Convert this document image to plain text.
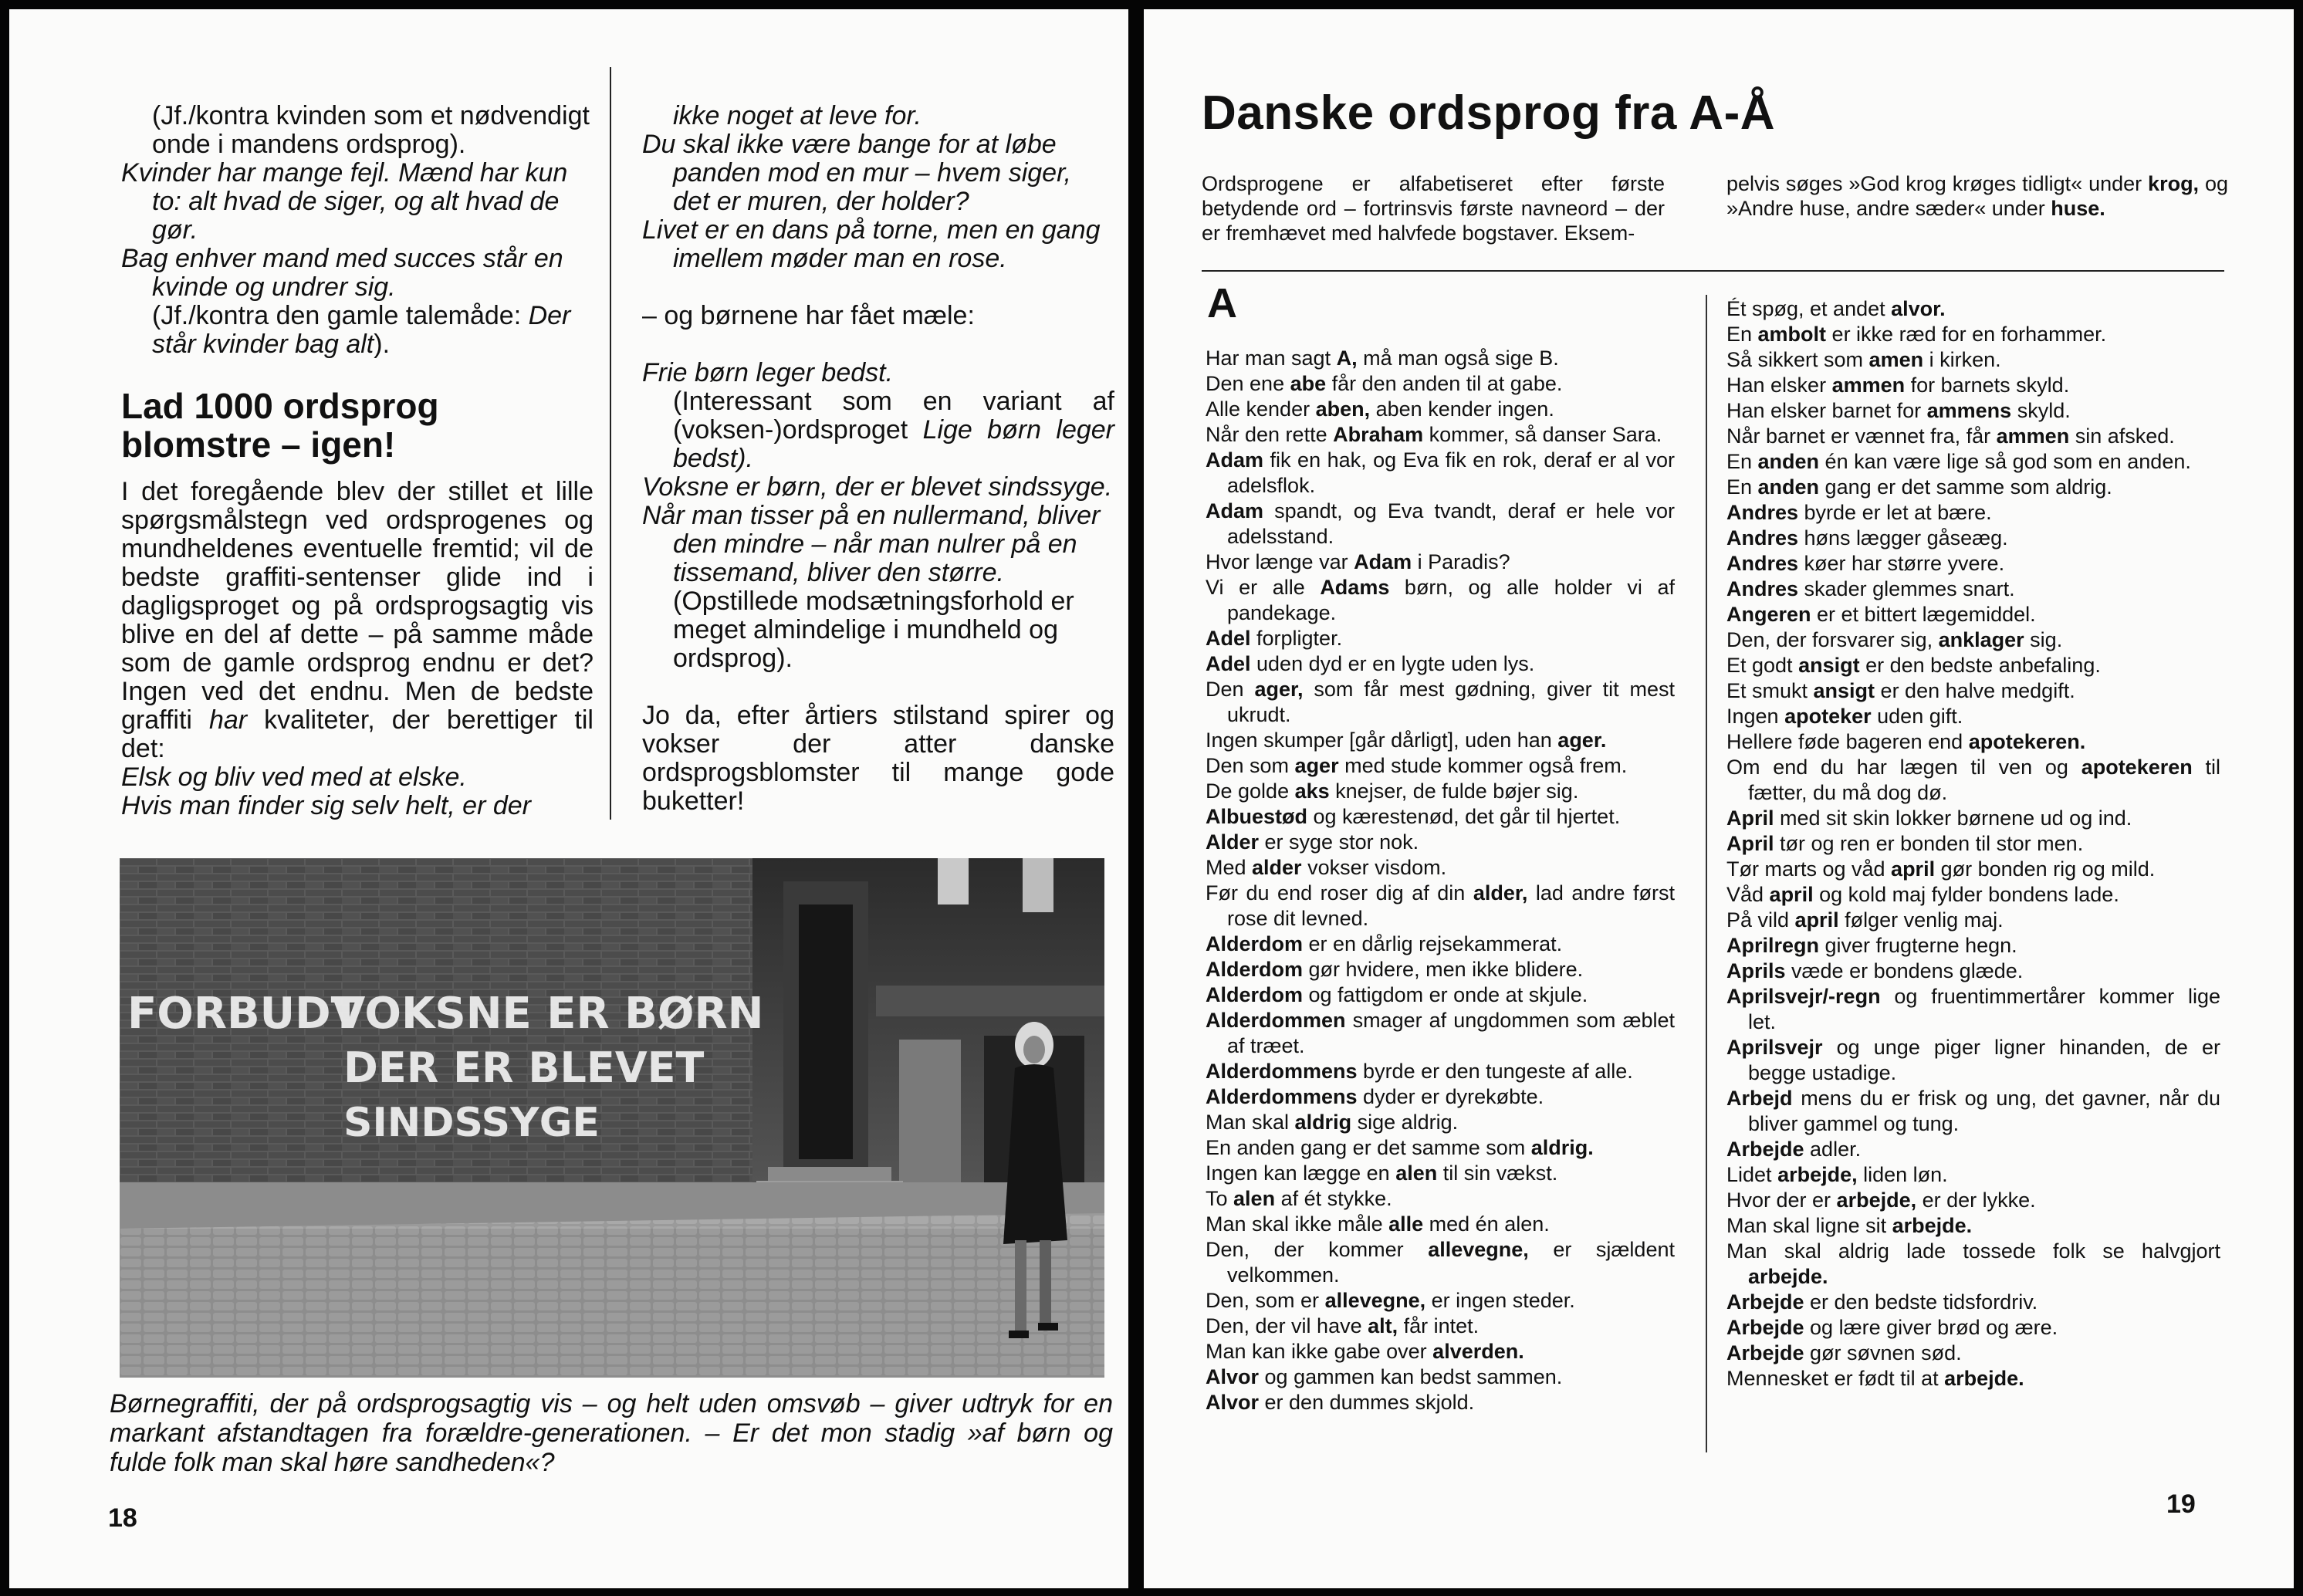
(Jf./kontra kvinden som et nødvendigt onde i mandens ordsprog).

Kvinder har mange fejl. Mænd har kun to: alt hvad de siger, og alt hvad de gør.

Bag enhver mand med succes står en kvinde og undrer sig.

(Jf./kontra den gamle talemåde: Der står kvinder bag alt).

Lad 1000 ordsprog blomstre – igen!

I det foregående blev der stillet et lille spørgsmålstegn ved ordsprogenes og mundheldenes eventuelle fremtid; vil de bedste graffiti-sentenser glide ind i dagligsproget og på ordsprogsagtig vis blive en del af dette – på samme måde som de gamle ordsprog endnu er det? Ingen ved det endnu. Men de bedste graffiti har kvaliteter, der berettiger til det:

Elsk og bliv ved med at elske.

Hvis man finder sig selv helt, er der

ikke noget at leve for.

Du skal ikke være bange for at løbe panden mod en mur – hvem siger, det er muren, der holder?

Livet er en dans på torne, men en gang imellem møder man en rose.

– og børnene har fået mæle:

Frie børn leger bedst.

(Interessant som en variant af (voksen-)ordsproget Lige børn leger bedst).

Voksne er børn, der er blevet sindssyge.

Når man tisser på en nullermand, bliver den mindre – når man nulrer på en tissemand, bliver den større.

(Opstillede modsætningsforhold er meget almindelige i mundheld og ordsprog).

Jo da, efter årtiers stilstand spirer og vokser der atter danske ordsprogsblomster til mange gode buketter!

FORBUDT
VOKSNE ER BØRN
DER ER BLEVET
SINDSSYGE

Børnegraffiti, der på ordsprogsagtig vis – og helt uden omsvøb – giver udtryk for en markant afstandtagen fra forældre-generationen. – Er det mon stadig »af børn og fulde folk man skal høre sandheden«?

18
Danske ordsprog fra A-Å

Ordsprogene er alfabetiseret efter første betydende ord – fortrinsvis første navneord – der er fremhævet med halvfede bogstaver. Eksem-

pelvis søges »God krog krøges tidligt« under krog, og »Andre huse, andre sæder« under huse.

A
Har man sagt A, må man også sige B.
Den ene abe får den anden til at gabe.
Alle kender aben, aben kender ingen.
Når den rette Abraham kommer, så danser Sara.
Adam fik en hak, og Eva fik en rok, deraf er al vor adelsflok.
Adam spandt, og Eva tvandt, deraf er hele vor adelsstand.
Hvor længe var Adam i Paradis?
Vi er alle Adams børn, og alle holder vi af pandekage.
Adel forpligter.
Adel uden dyd er en lygte uden lys.
Den ager, som får mest gødning, giver tit mest ukrudt.
Ingen skumper [går dårligt], uden han ager.
Den som ager med stude kommer også frem.
De golde aks knejser, de fulde bøjer sig.
Albuestød og kærestenød, det går til hjertet.
Alder er syge stor nok.
Med alder vokser visdom.
Før du end roser dig af din alder, lad andre først rose dit levned.
Alderdom er en dårlig rejsekammerat.
Alderdom gør hvidere, men ikke blidere.
Alderdom og fattigdom er onde at skjule.
Alderdommen smager af ungdommen som æblet af træet.
Alderdommens byrde er den tungeste af alle.
Alderdommens dyder er dyrekøbte.
Man skal aldrig sige aldrig.
En anden gang er det samme som aldrig.
Ingen kan lægge en alen til sin vækst.
To alen af ét stykke.
Man skal ikke måle alle med én alen.
Den, der kommer allevegne, er sjældent velkommen.
Den, som er allevegne, er ingen steder.
Den, der vil have alt, får intet.
Man kan ikke gabe over alverden.
Alvor og gammen kan bedst sammen.
Alvor er den dummes skjold.
Ét spøg, et andet alvor.
En ambolt er ikke ræd for en forhammer.
Så sikkert som amen i kirken.
Han elsker ammen for barnets skyld.
Han elsker barnet for ammens skyld.
Når barnet er vænnet fra, får ammen sin afsked.
En anden én kan være lige så god som en anden.
En anden gang er det samme som aldrig.
Andres byrde er let at bære.
Andres høns lægger gåseæg.
Andres køer har større yvere.
Andres skader glemmes snart.
Angeren er et bittert lægemiddel.
Den, der forsvarer sig, anklager sig.
Et godt ansigt er den bedste anbefaling.
Et smukt ansigt er den halve medgift.
Ingen apoteker uden gift.
Hellere føde bageren end apotekeren.
Om end du har lægen til ven og apotekeren til fætter, du må dog dø.
April med sit skin lokker børnene ud og ind.
April tør og ren er bonden til stor men.
Tør marts og våd april gør bonden rig og mild.
Våd april og kold maj fylder bondens lade.
På vild april følger venlig maj.
Aprilregn giver frugterne hegn.
Aprils væde er bondens glæde.
Aprilsvejr/-regn og fruentimmertårer kommer lige let.
Aprilsvejr og unge piger ligner hinanden, de er begge ustadige.
Arbejd mens du er frisk og ung, det gavner, når du bliver gammel og tung.
Arbejde adler.
Lidet arbejde, liden løn.
Hvor der er arbejde, er der lykke.
Man skal ligne sit arbejde.
Man skal aldrig lade tossede folk se halvgjort arbejde.
Arbejde er den bedste tidsfordriv.
Arbejde og lære giver brød og ære.
Arbejde gør søvnen sød.
Mennesket er født til at arbejde.
19
